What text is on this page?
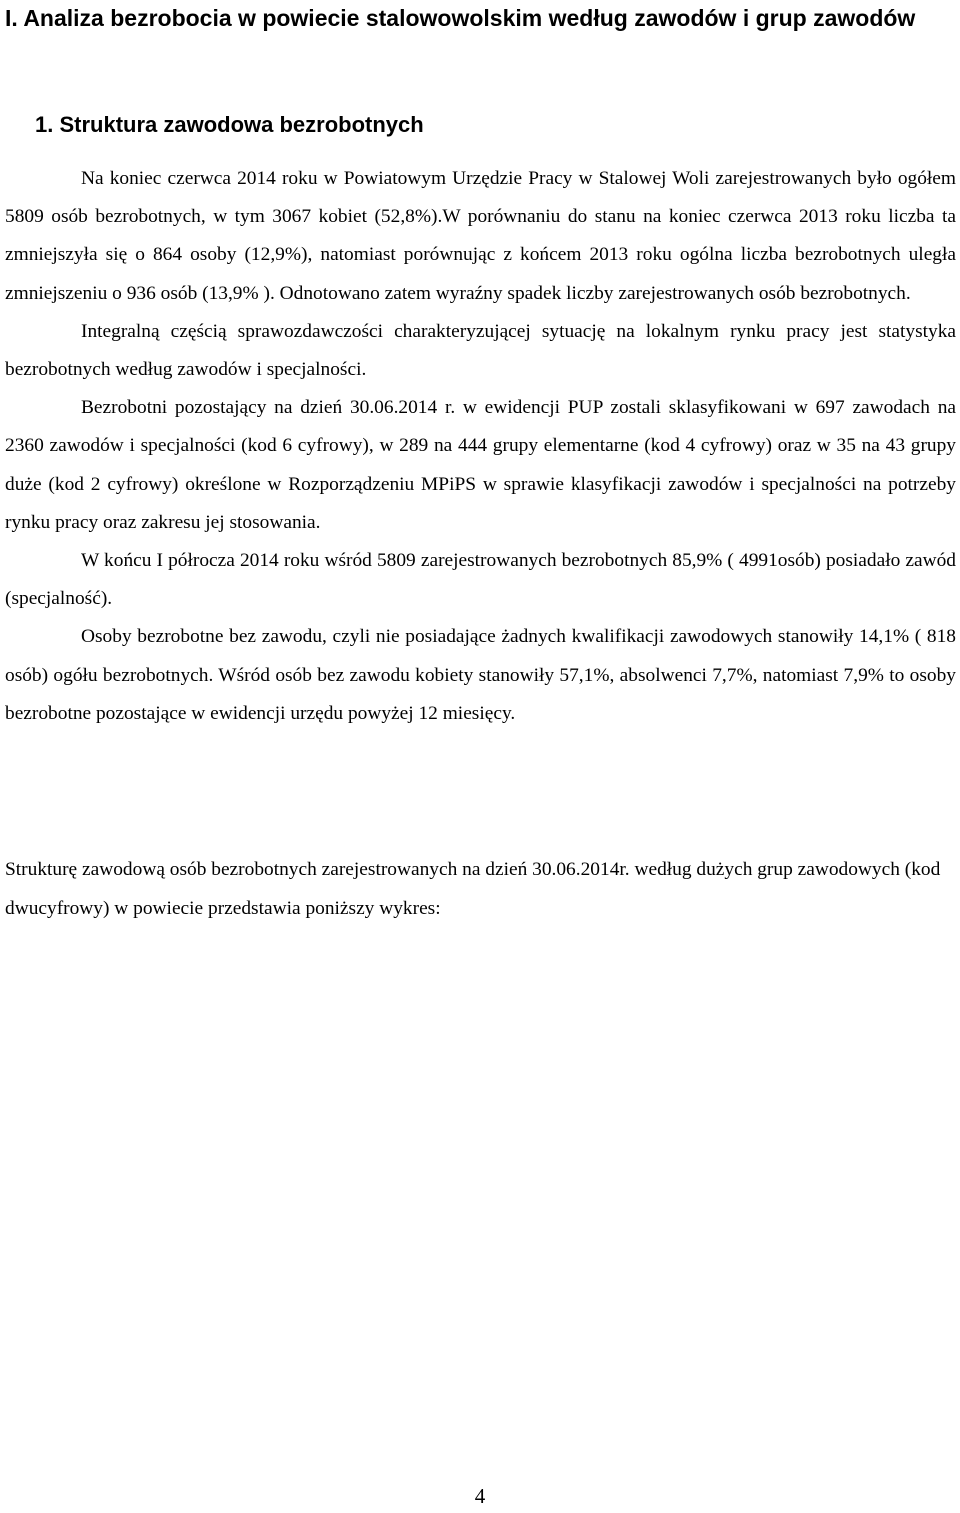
I. Analiza bezrobocia w powiecie stalowowolskim według zawodów i grup zawodów
1. Struktura zawodowa bezrobotnych

Na koniec czerwca 2014 roku w Powiatowym Urzędzie Pracy w Stalowej Woli zarejestrowanych było ogółem 5809 osób bezrobotnych, w tym 3067 kobiet (52,8%).W porównaniu do stanu na koniec czerwca 2013 roku liczba ta zmniejszyła się o 864 osoby (12,9%), natomiast porównując z końcem 2013 roku ogólna liczba bezrobotnych uległa zmniejszeniu o 936 osób (13,9% ). Odnotowano zatem wyraźny spadek liczby zarejestrowanych osób bezrobotnych.

Integralną częścią sprawozdawczości charakteryzującej sytuację na lokalnym rynku pracy jest statystyka bezrobotnych według zawodów i specjalności.

Bezrobotni pozostający na dzień 30.06.2014 r. w ewidencji PUP zostali sklasyfikowani w 697 zawodach na 2360 zawodów i specjalności (kod 6 cyfrowy), w 289 na 444 grupy elementarne (kod 4 cyfrowy) oraz w 35 na 43 grupy duże (kod 2 cyfrowy) określone w Rozporządzeniu MPiPS w sprawie klasyfikacji zawodów i specjalności na potrzeby rynku pracy oraz zakresu jej stosowania.

W końcu I półrocza 2014 roku wśród 5809 zarejestrowanych bezrobotnych 85,9% ( 4991osób) posiadało zawód (specjalność).

Osoby bezrobotne bez zawodu, czyli nie posiadające żadnych kwalifikacji zawodowych stanowiły 14,1% ( 818 osób) ogółu bezrobotnych. Wśród osób bez zawodu kobiety stanowiły 57,1%, absolwenci 7,7%, natomiast 7,9% to osoby bezrobotne pozostające w ewidencji urzędu powyżej 12 miesięcy.

Strukturę zawodową osób bezrobotnych zarejestrowanych na dzień 30.06.2014r. według dużych grup zawodowych (kod dwucyfrowy) w powiecie przedstawia poniższy wykres:

4
